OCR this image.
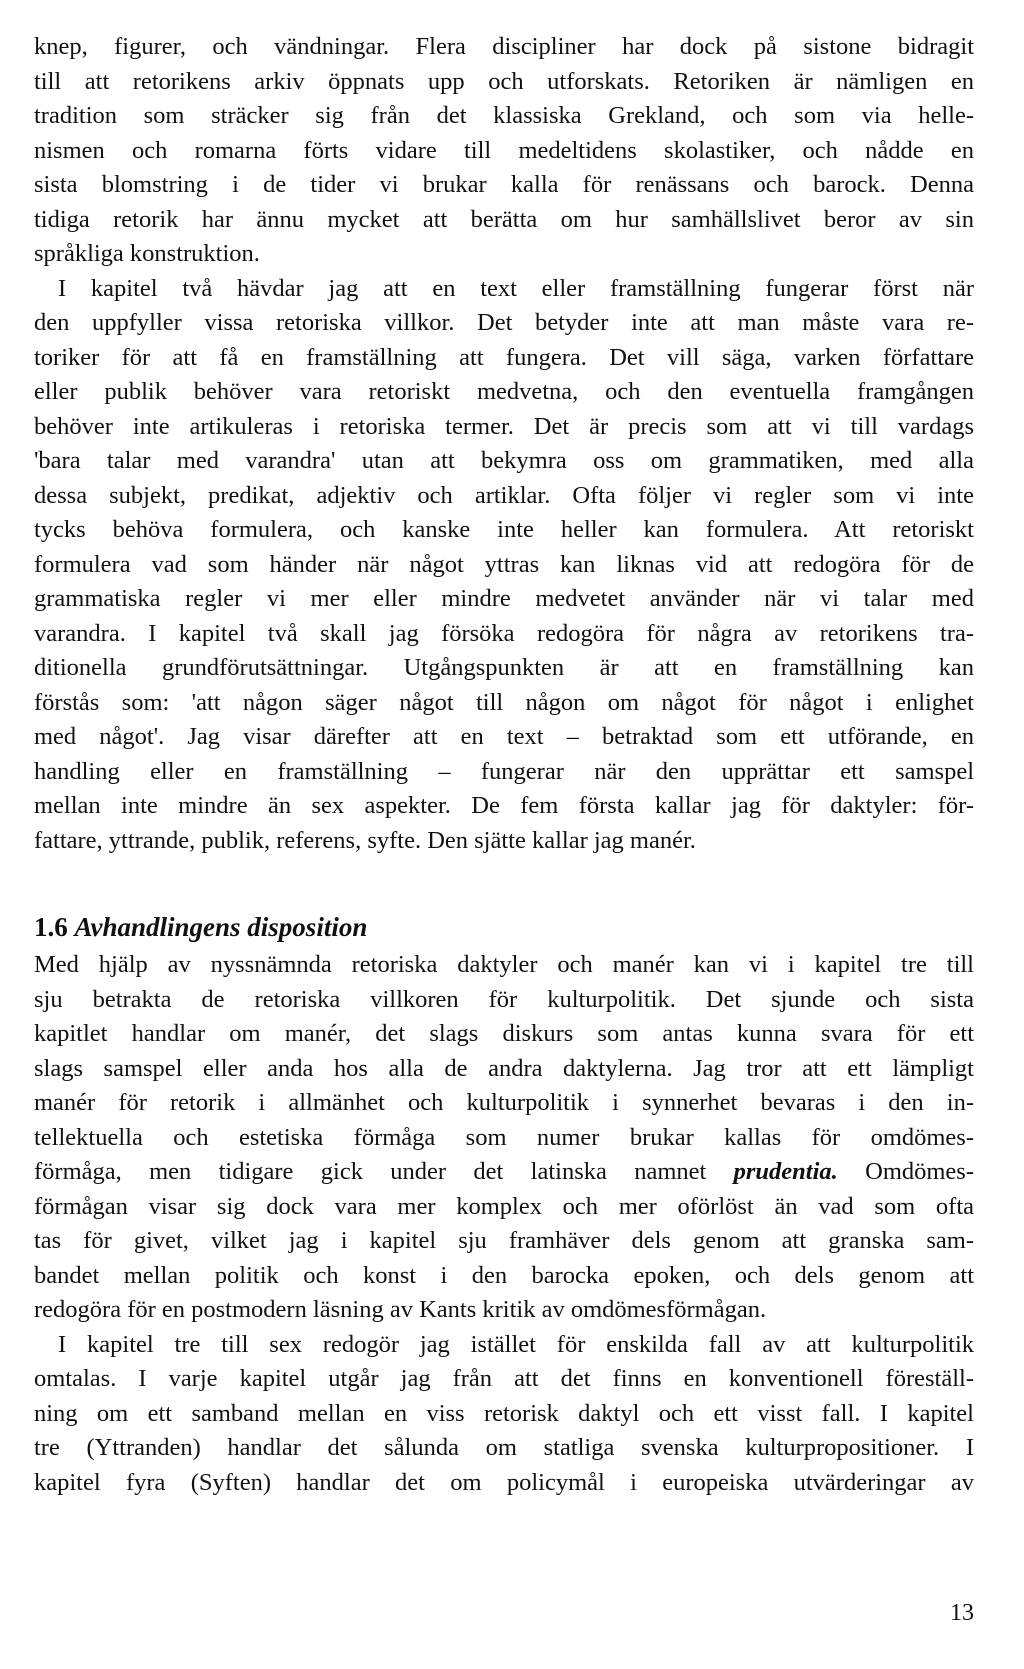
knep, figurer, och vändningar. Flera discipliner har dock på sistone bidragit
till att retorikens arkiv öppnats upp och utforskats. Retoriken är nämligen en
tradition som sträcker sig från det klassiska Grekland, och som via helle-
nismen och romarna förts vidare till medeltidens skolastiker, och nådde en
sista blomstring i de tider vi brukar kalla för renässans och barock. Denna
tidiga retorik har ännu mycket att berätta om hur samhällslivet beror av sin
språkliga konstruktion.
I kapitel två hävdar jag att en text eller framställning fungerar först när
den uppfyller vissa retoriska villkor. Det betyder inte att man måste vara re-
toriker för att få en framställning att fungera. Det vill säga, varken författare
eller publik behöver vara retoriskt medvetna, och den eventuella framgången
behöver inte artikuleras i retoriska termer. Det är precis som att vi till vardags
'bara talar med varandra' utan att bekymra oss om grammatiken, med alla
dessa subjekt, predikat, adjektiv och artiklar. Ofta följer vi regler som vi inte
tycks behöva formulera, och kanske inte heller kan formulera. Att retoriskt
formulera vad som händer när något yttras kan liknas vid att redogöra för de
grammatiska regler vi mer eller mindre medvetet använder när vi talar med
varandra. I kapitel två skall jag försöka redogöra för några av retorikens tra-
ditionella grundförutsättningar. Utgångspunkten är att en framställning kan
förstås som: 'att någon säger något till någon om något för något i enlighet
med något'. Jag visar därefter att en text – betraktad som ett utförande, en
handling eller en framställning – fungerar när den upprättar ett samspel
mellan inte mindre än sex aspekter. De fem första kallar jag för daktyler: för-
fattare, yttrande, publik, referens, syfte. Den sjätte kallar jag manér.
1.6 Avhandlingens disposition
Med hjälp av nyssnämnda retoriska daktyler och manér kan vi i kapitel tre till
sju betrakta de retoriska villkoren för kulturpolitik. Det sjunde och sista
kapitlet handlar om manér, det slags diskurs som antas kunna svara för ett
slags samspel eller anda hos alla de andra daktylerna. Jag tror att ett lämpligt
manér för retorik i allmänhet och kulturpolitik i synnerhet bevaras i den in-
tellektuella och estetiska förmåga som numer brukar kallas för omdömes-
förmåga, men tidigare gick under det latinska namnet prudentia. Omdömes-
förmågan visar sig dock vara mer komplex och mer oförlöst än vad som ofta
tas för givet, vilket jag i kapitel sju framhäver dels genom att granska sam-
bandet mellan politik och konst i den barocka epoken, och dels genom att
redogöra för en postmodern läsning av Kants kritik av omdömesförmågan.
I kapitel tre till sex redogör jag istället för enskilda fall av att kulturpolitik
omtalas. I varje kapitel utgår jag från att det finns en konventionell föreställ-
ning om ett samband mellan en viss retorisk daktyl och ett visst fall. I kapitel
tre (Yttranden) handlar det sålunda om statliga svenska kulturpropositioner. I
kapitel fyra (Syften) handlar det om policymål i europeiska utvärderingar av
13
